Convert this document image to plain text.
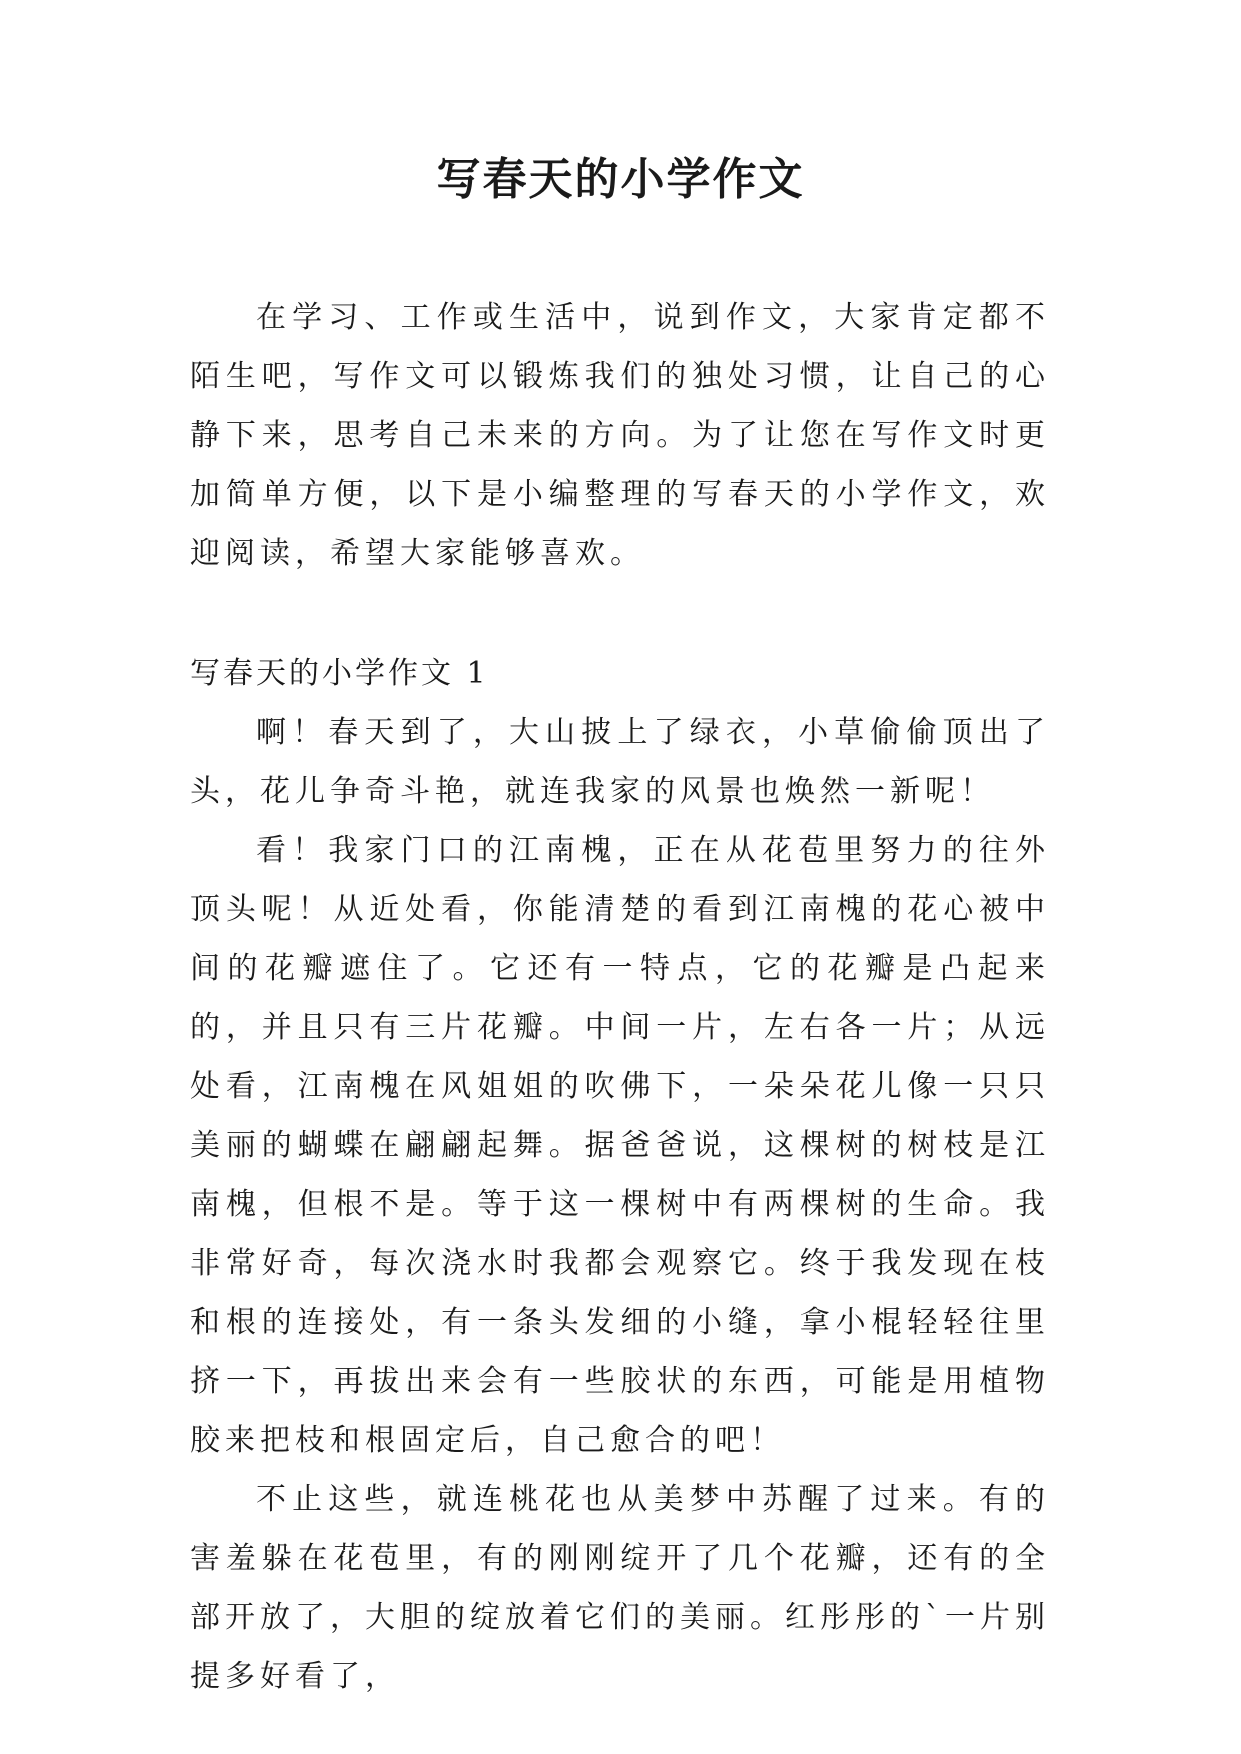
写春天的小学作文

在学习、工作或生活中，说到作文，大家肯定都不陌生吧，写作文可以锻炼我们的独处习惯，让自己的心静下来，思考自己未来的方向。为了让您在写作文时更加简单方便，以下是小编整理的写春天的小学作文，欢迎阅读，希望大家能够喜欢。

写春天的小学作文 1

啊！春天到了，大山披上了绿衣，小草偷偷顶出了头，花儿争奇斗艳，就连我家的风景也焕然一新呢！

看！我家门口的江南槐，正在从花苞里努力的往外顶头呢！从近处看，你能清楚的看到江南槐的花心被中间的花瓣遮住了。它还有一特点，它的花瓣是凸起来的，并且只有三片花瓣。中间一片，左右各一片；从远处看，江南槐在风姐姐的吹佛下，一朵朵花儿像一只只美丽的蝴蝶在翩翩起舞。据爸爸说，这棵树的树枝是江南槐，但根不是。等于这一棵树中有两棵树的生命。我非常好奇，每次浇水时我都会观察它。终于我发现在枝和根的连接处，有一条头发细的小缝，拿小棍轻轻往里挤一下，再拔出来会有一些胶状的东西，可能是用植物胶来把枝和根固定后，自己愈合的吧！

不止这些，就连桃花也从美梦中苏醒了过来。有的害羞躲在花苞里，有的刚刚绽开了几个花瓣，还有的全部开放了，大胆的绽放着它们的美丽。红彤彤的`一片别提多好看了，
